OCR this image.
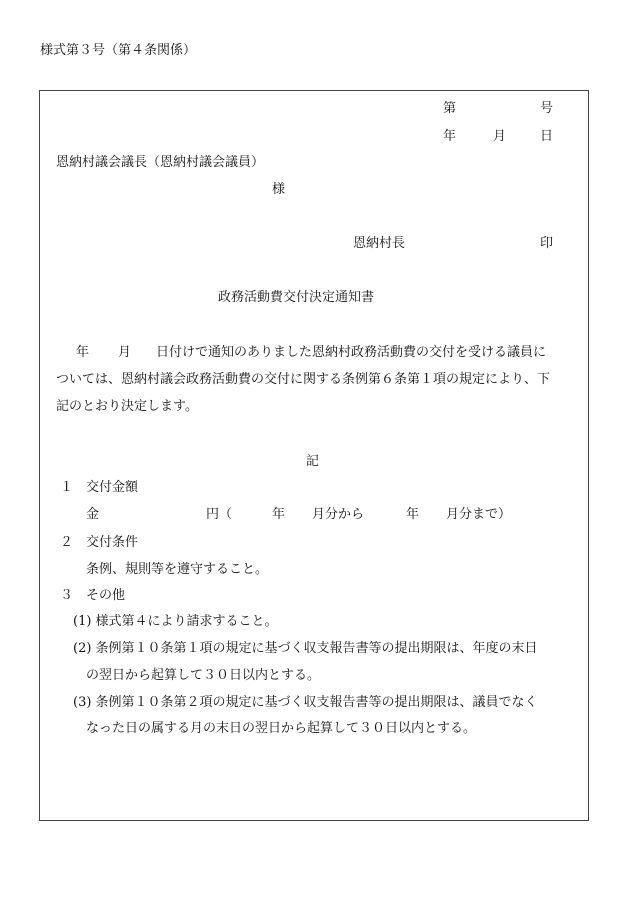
様式第３号（第４条関係）
第	号
年	月	日
恩納村議会議長（恩納村議会議員）
様
恩納村長	印
政務活動費交付決定通知書
年 月 日付けで通知のありました恩納村政務活動費の交付を受ける議員に
ついては、恩納村議会政務活動費の交付に関する条例第６条第１項の規定により、下
記のとおり決定します。
記
１ 交付金額
金	円（	年 月分から	年 月分まで）
２ 交付条件
条例、規則等を遵守すること。
３ その他
(1) 様式第４により請求すること。
(2) 条例第１０条第１項の規定に基づく収支報告書等の提出期限は、年度の末日
の翌日から起算して３０日以内とする。
(3) 条例第１０条第２項の規定に基づく収支報告書等の提出期限は、議員でなく
なった日の属する月の末日の翌日から起算して３０日以内とする。
